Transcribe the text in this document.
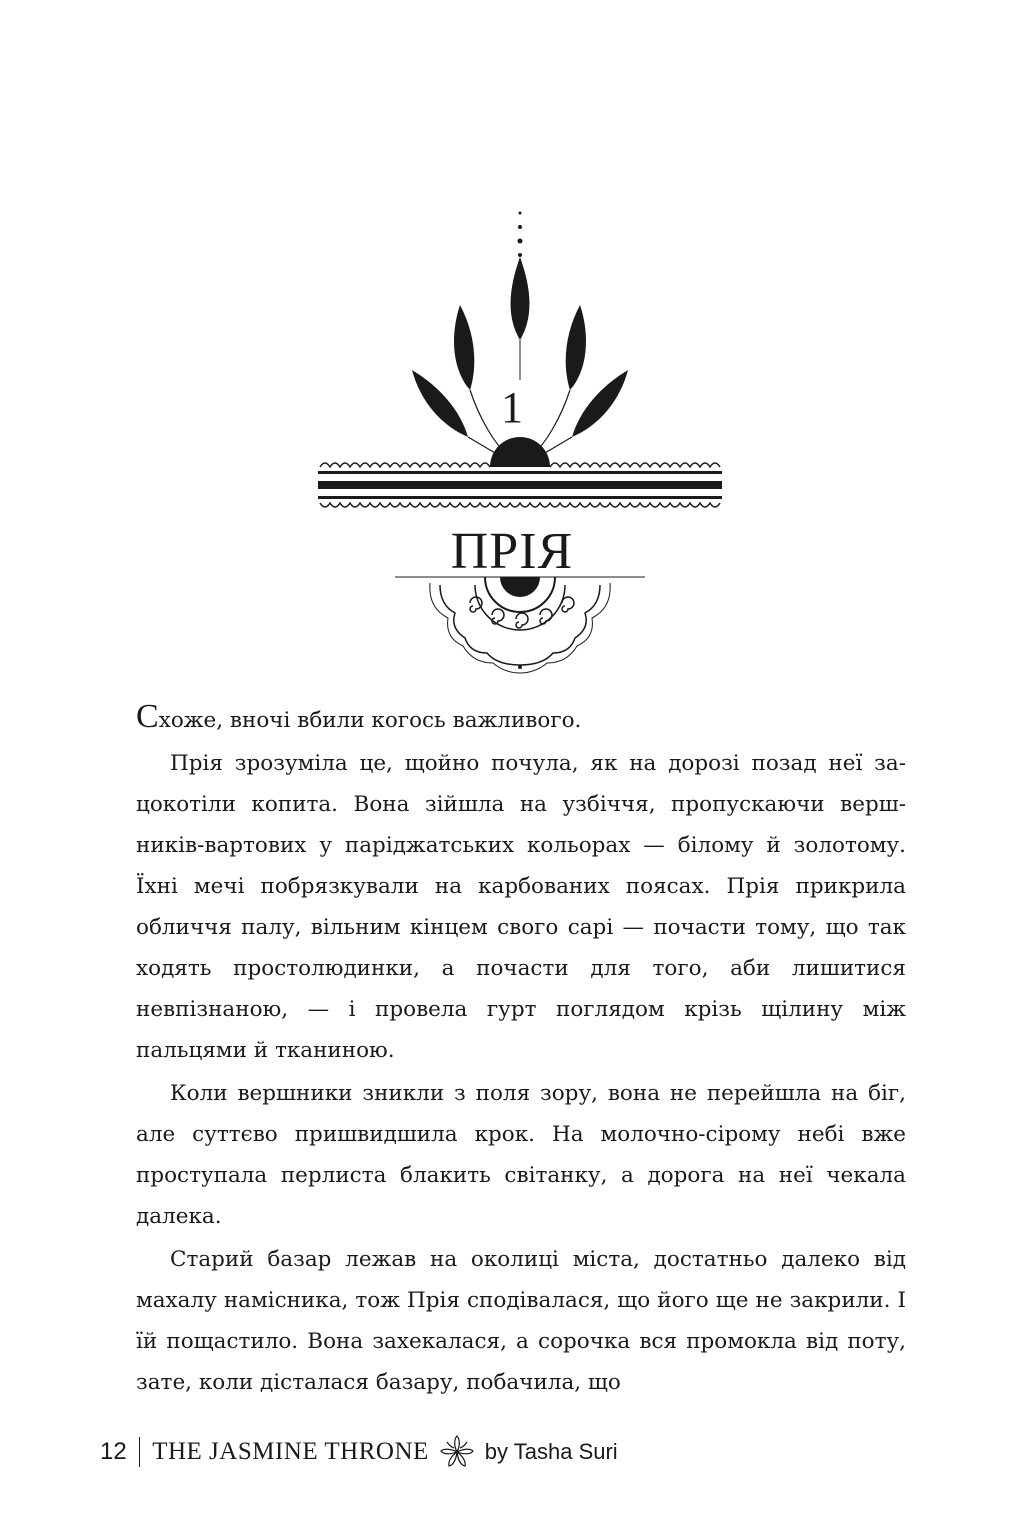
1
ПРІЯ

Схоже, вночі вбили когось важливого.

Прія зрозуміла це, щойно почула, як на дорозі позад неї зацокотіли копита. Вона зійшла на узбіччя, пропускаючи вершників-вартових у паріджатських кольорах — білому й золотому. Їхні мечі побрязкували на карбованих поясах. Прія прикрила обличчя палу, вільним кінцем свого сарі — почасти тому, що так ходять простолюдинки, а почасти для того, аби лишитися невпізнаною, — і провела гурт поглядом крізь щілину між пальцями й тканиною.

Коли вершники зникли з поля зору, вона не перейшла на біг, але суттєво пришвидшила крок. На молочно-сірому небі вже проступала перлиста блакить світанку, а дорога на неї чекала далека.

Старий базар лежав на околиці міста, достатньо далеко від махалу намісника, тож Прія сподівалася, що його ще не закрили. І їй пощастило. Вона захекалася, а сорочка вся промокла від поту, зате, коли дісталася базару, побачила, що

12 THE JASMINE THRONE	by Tasha Suri
